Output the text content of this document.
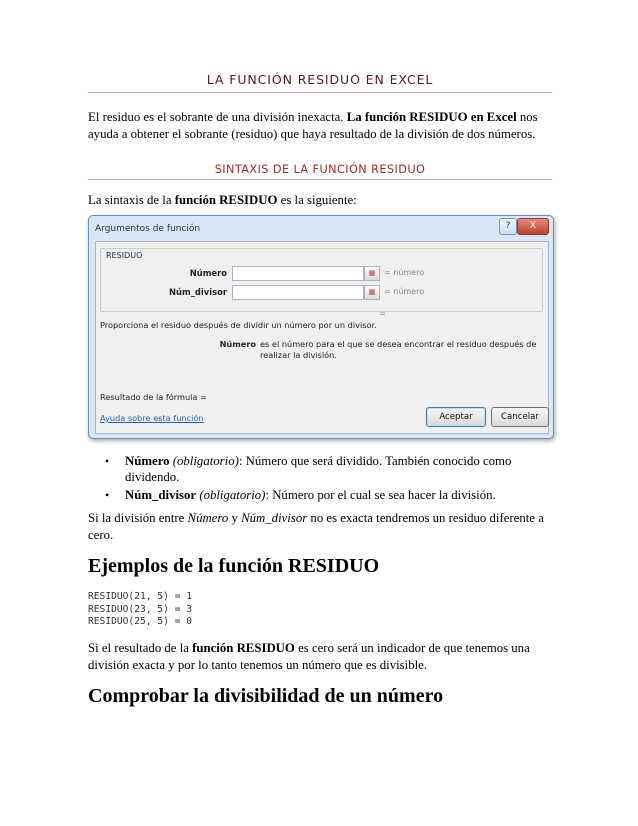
LA FUNCIÓN RESIDUO EN EXCEL

El residuo es el sobrante de una división inexacta. La función RESIDUO en Excel nos ayuda a obtener el sobrante (residuo) que haya resultado de la división de dos números.

SINTAXIS DE LA FUNCIÓN RESIDUO

La sintaxis de la función RESIDUO es la siguiente:

Argumentos de función	?	X
RESIDUO
Número	▦	= número
Núm_divisor	▦	= número
=
Proporciona el residuo después de dividir un número por un divisor.
Número es el número para el que se desea encontrar el residuo después de realizar la división.
Resultado de la fórmula =
Ayuda sobre esta función	Aceptar	Cancelar
• Número (obligatorio): Número que será dividido. También conocido como dividendo.
• Núm_divisor (obligatorio): Número por el cual se sea hacer la división.

Si la división entre Número y Núm_divisor no es exacta tendremos un residuo diferente a cero.

Ejemplos de la función RESIDUO
RESIDUO(21, 5) = 1
RESIDUO(23, 5) = 3
RESIDUO(25, 5) = 0

Si el resultado de la función RESIDUO es cero será un indicador de que tenemos una división exacta y por lo tanto tenemos un número que es divisible.

Comprobar la divisibilidad de un número
